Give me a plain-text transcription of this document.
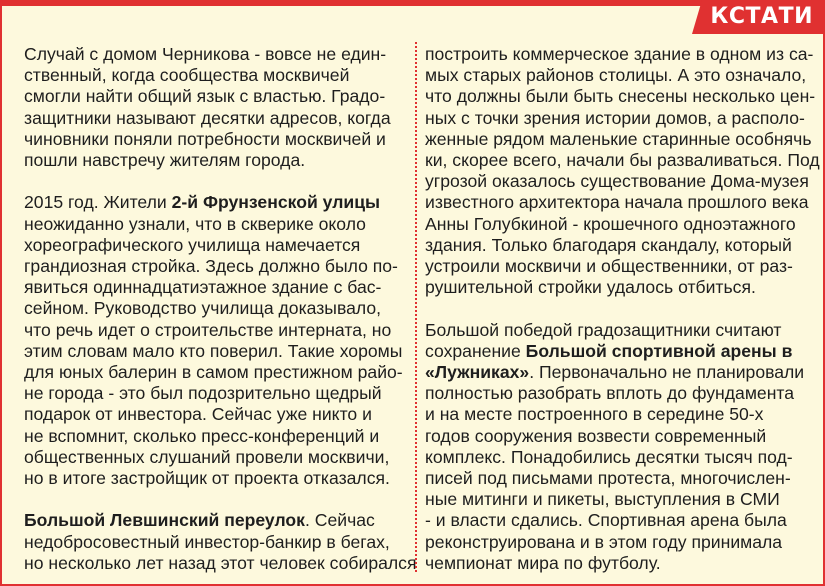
КСТАТИ

Случай с домом Черникова - вовсе не един-
ственный, когда сообщества москвичей
смогли найти общий язык с властью. Градо-
защитники называют десятки адресов, когда
чиновники поняли потребности москвичей и
пошли навстречу жителям города.

2015 год. Жители 2-й Фрунзенской улицы
неожиданно узнали, что в скверике около
хореографического училища намечается
грандиозная стройка. Здесь должно было по-
явиться одиннадцатиэтажное здание с бас-
сейном. Руководство училища доказывало,
что речь идет о строительстве интерната, но
этим словам мало кто поверил. Такие хоромы
для юных балерин в самом престижном райо-
не города - это был подозрительно щедрый
подарок от инвестора. Сейчас уже никто и
не вспомнит, сколько пресс-конференций и
общественных слушаний провели москвичи,
но в итоге застройщик от проекта отказался.

Большой Левшинский переулок. Сейчас
недобросовестный инвестор-банкир в бегах,
но несколько лет назад этот человек собирался

построить коммерческое здание в одном из са-
мых старых районов столицы. А это означало,
что должны были быть снесены несколько цен-
ных с точки зрения истории домов, а располо-
женные рядом маленькие старинные особнячь
ки, скорее всего, начали бы разваливаться. Под
угрозой оказалось существование Дома-музея
известного архитектора начала прошлого века
Анны Голубкиной - крошечного одноэтажного
здания. Только благодаря скандалу, который
устроили москвичи и общественники, от раз-
рушительной стройки удалось отбиться.

Большой победой градозащитники считают
сохранение Большой спортивной арены в
«Лужниках». Первоначально не планировали
полностью разобрать вплоть до фундамента
и на месте построенного в середине 50-х
годов сооружения возвести современный
комплекс. Понадобились десятки тысяч под-
писей под письмами протеста, многочислен-
ные митинги и пикеты, выступления в СМИ
- и власти сдались. Спортивная арена была
реконструирована и в этом году принимала
чемпионат мира по футболу.
